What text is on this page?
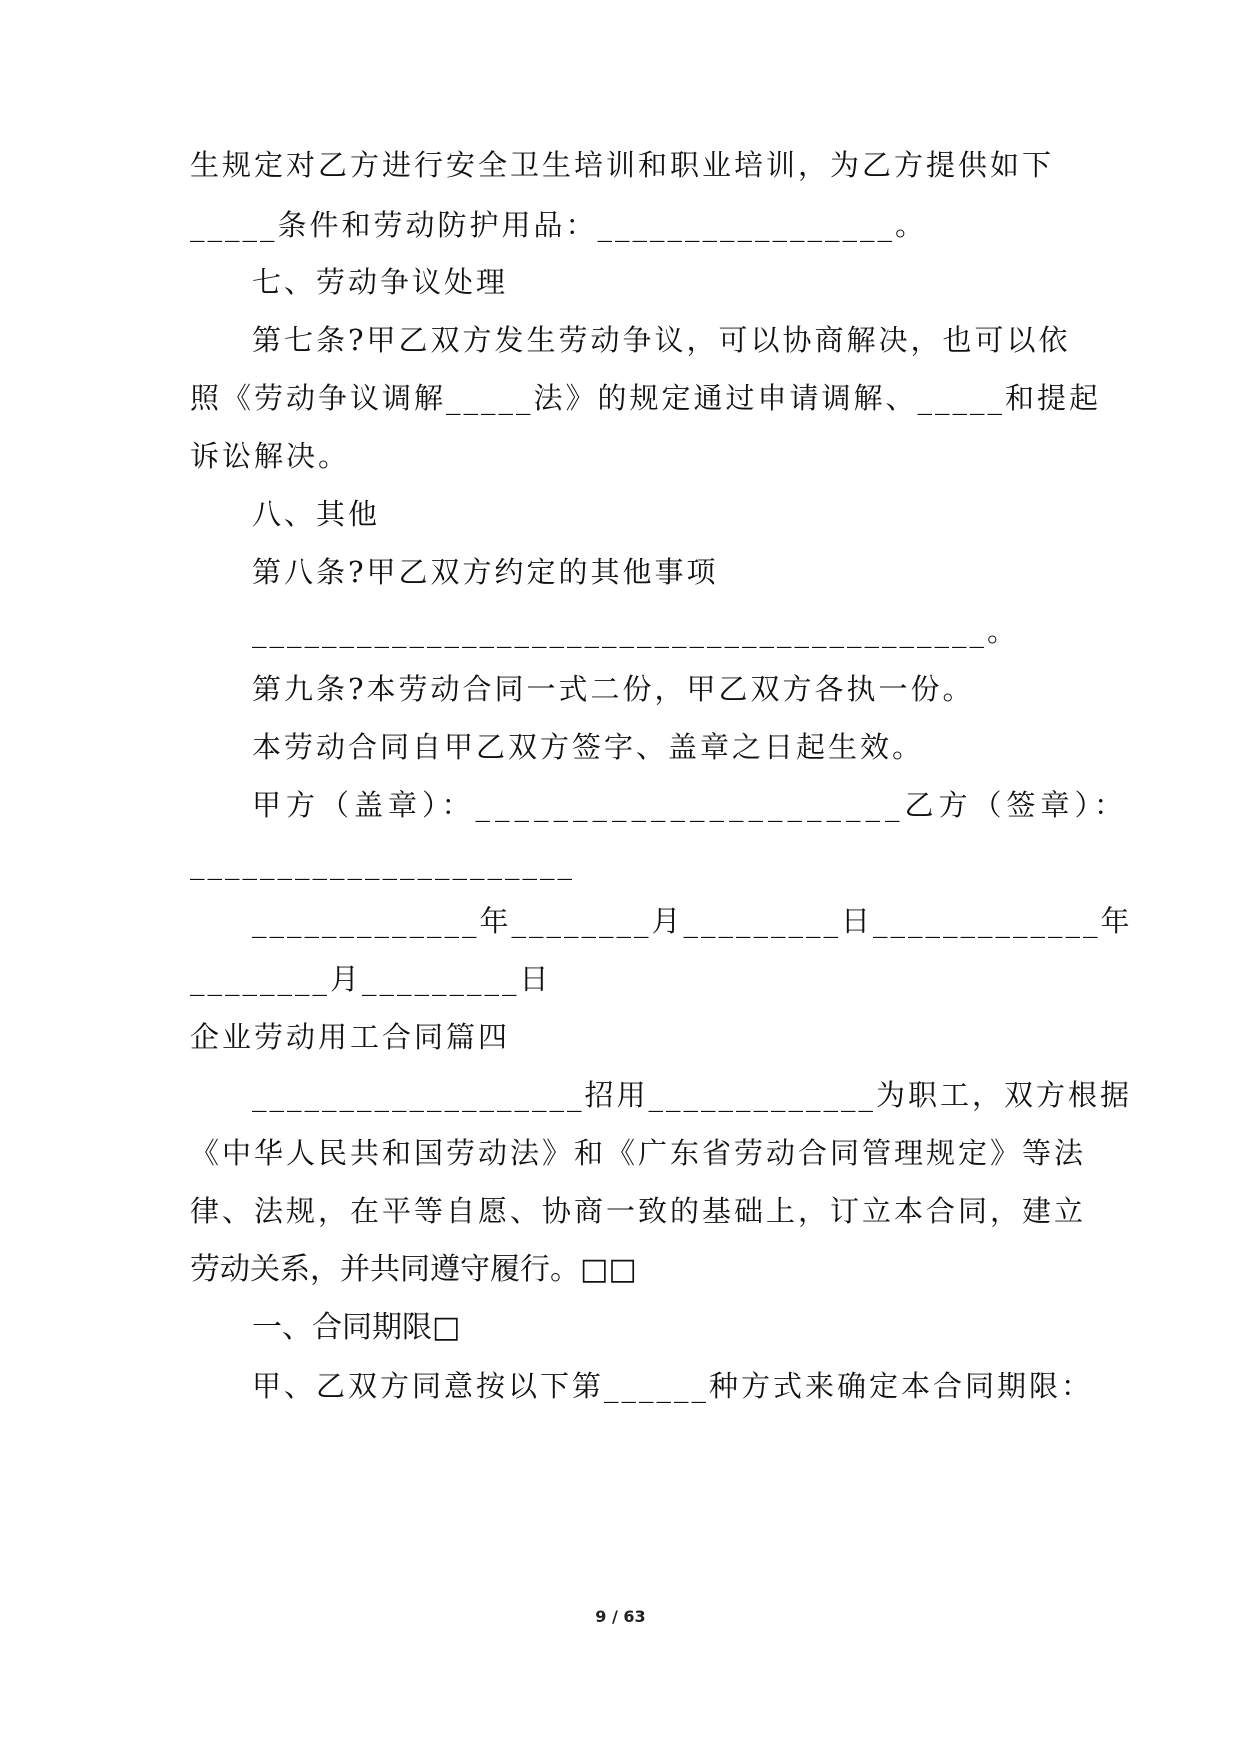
生规定对乙方进行安全卫生培训和职业培训，为乙方提供如下
_____条件和劳动防护用品：_________________。
七、劳动争议处理
第七条?甲乙双方发生劳动争议，可以协商解决，也可以依
照《劳动争议调解_____法》的规定通过申请调解、_____和提起
诉讼解决。
八、其他
第八条?甲乙双方约定的其他事项
__________________________________________。
第九条?本劳动合同一式二份，甲乙双方各执一份。
本劳动合同自甲乙双方签字、盖章之日起生效。
甲方（盖章）：______________________乙方（签章）：
______________________
_____________年________月_________日_____________年
________月_________日
企业劳动用工合同篇四
___________________招用_____________为职工，双方根据
《中华人民共和国劳动法》和《广东省劳动合同管理规定》等法
律、法规，在平等自愿、协商一致的基础上，订立本合同，建立
劳动关系，并共同遵守履行。□□
一、合同期限□
甲、乙双方同意按以下第______种方式来确定本合同期限：
9 / 63
